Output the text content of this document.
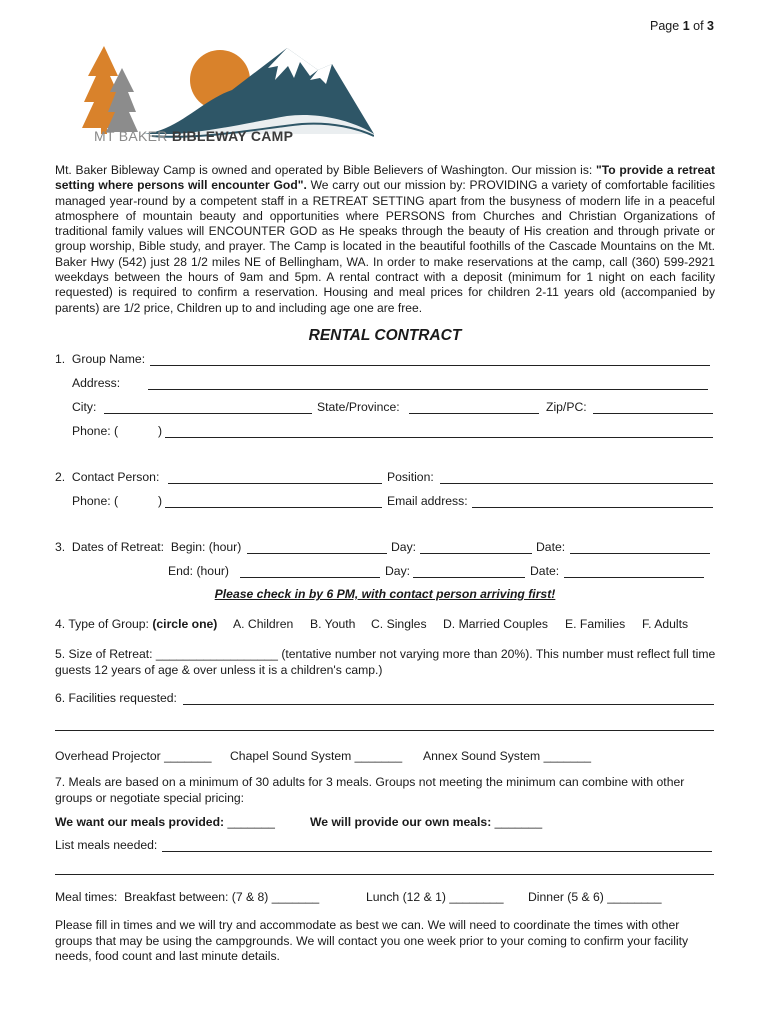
Page 1 of 3
MT BAKER BIBLEWAY CAMP
Mt. Baker Bibleway Camp is owned and operated by Bible Believers of Washington. Our mission is: "To provide a retreat setting where persons will encounter God". We carry out our mission by: PROVIDING a variety of comfortable facilities managed year-round by a competent staff in a RETREAT SETTING apart from the busyness of modern life in a peaceful atmosphere of mountain beauty and opportunities where PERSONS from Churches and Christian Organizations of traditional family values will ENCOUNTER GOD as He speaks through the beauty of His creation and through private or group worship, Bible study, and prayer. The Camp is located in the beautiful foothills of the Cascade Mountains on the Mt. Baker Hwy (542) just 28 1/2 miles NE of Bellingham, WA. In order to make reservations at the camp, call (360) 599-2921 weekdays between the hours of 9am and 5pm. A rental contract with a deposit (minimum for 1 night on each facility requested) is required to confirm a reservation. Housing and meal prices for children 2-11 years old (accompanied by parents) are 1/2 price, Children up to and including age one are free.
RENTAL CONTRACT
1.  Group Name:
Address:
City:	State/Province:	Zip/PC:
Phone: (	)
2.  Contact Person:	Position:
Phone: (	)	Email address:
3.  Dates of Retreat:  Begin: (hour)	Day:	Date:
End: (hour)	Day:	Date:
Please check in by 6 PM, with contact person arriving first!
4. Type of Group: (circle one) A. Children B. Youth C. Singles D. Married Couples E. Families F. Adults
5. Size of Retreat: __________________ (tentative number not varying more than 20%). This number must reflect full time guests 12 years of age & over unless it is a children's camp.)
6. Facilities requested:
Overhead Projector _______ Chapel Sound System _______ Annex Sound System _______
7. Meals are based on a minimum of 30 adults for 3 meals. Groups not meeting the minimum can combine with other groups or negotiate special pricing:
We want our meals provided: _______	We will provide our own meals: _______
List meals needed:
Meal times:  Breakfast between: (7 & 8) _______	Lunch (12 & 1) ________ Dinner (5 & 6) ________
Please fill in times and we will try and accommodate as best we can. We will need to coordinate the times with other groups that may be using the campgrounds. We will contact you one week prior to your coming to confirm your facility needs, food count and last minute details.
